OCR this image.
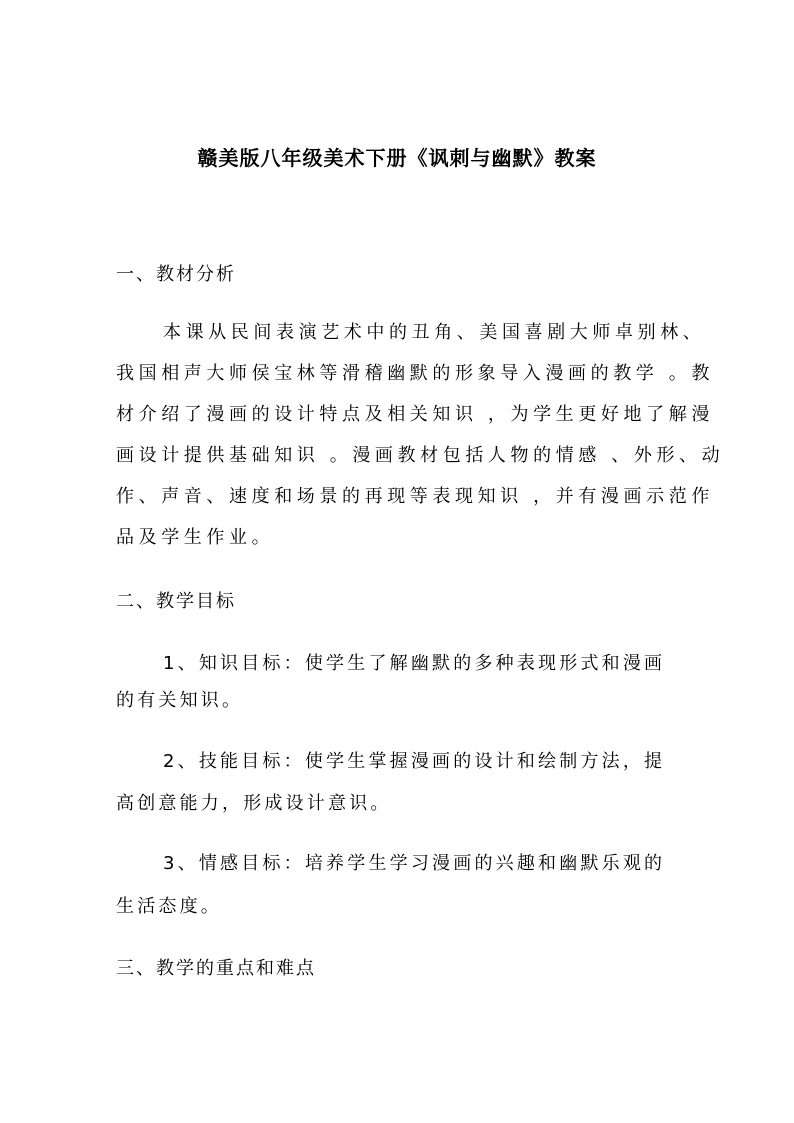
赣美版八年级美术下册《讽刺与幽默》教案
一、教材分析
本课从民间表演艺术中的丑角、美国喜剧大师卓别林、
我国相声大师侯宝林等滑稽幽默的形象导入漫画的教学 。教
材介绍了漫画的设计特点及相关知识 ，为学生更好地了解漫
画设计提供基础知识 。漫画教材包括人物的情感 、外形、动
作、声音、速度和场景的再现等表现知识 ，并有漫画示范作
品及学生作业。
二、教学目标
1、知识目标：使学生了解幽默的多种表现形式和漫画
的有关知识。
2、技能目标：使学生掌握漫画的设计和绘制方法，提
高创意能力，形成设计意识。
3、情感目标：培养学生学习漫画的兴趣和幽默乐观的
生活态度。
三、教学的重点和难点
